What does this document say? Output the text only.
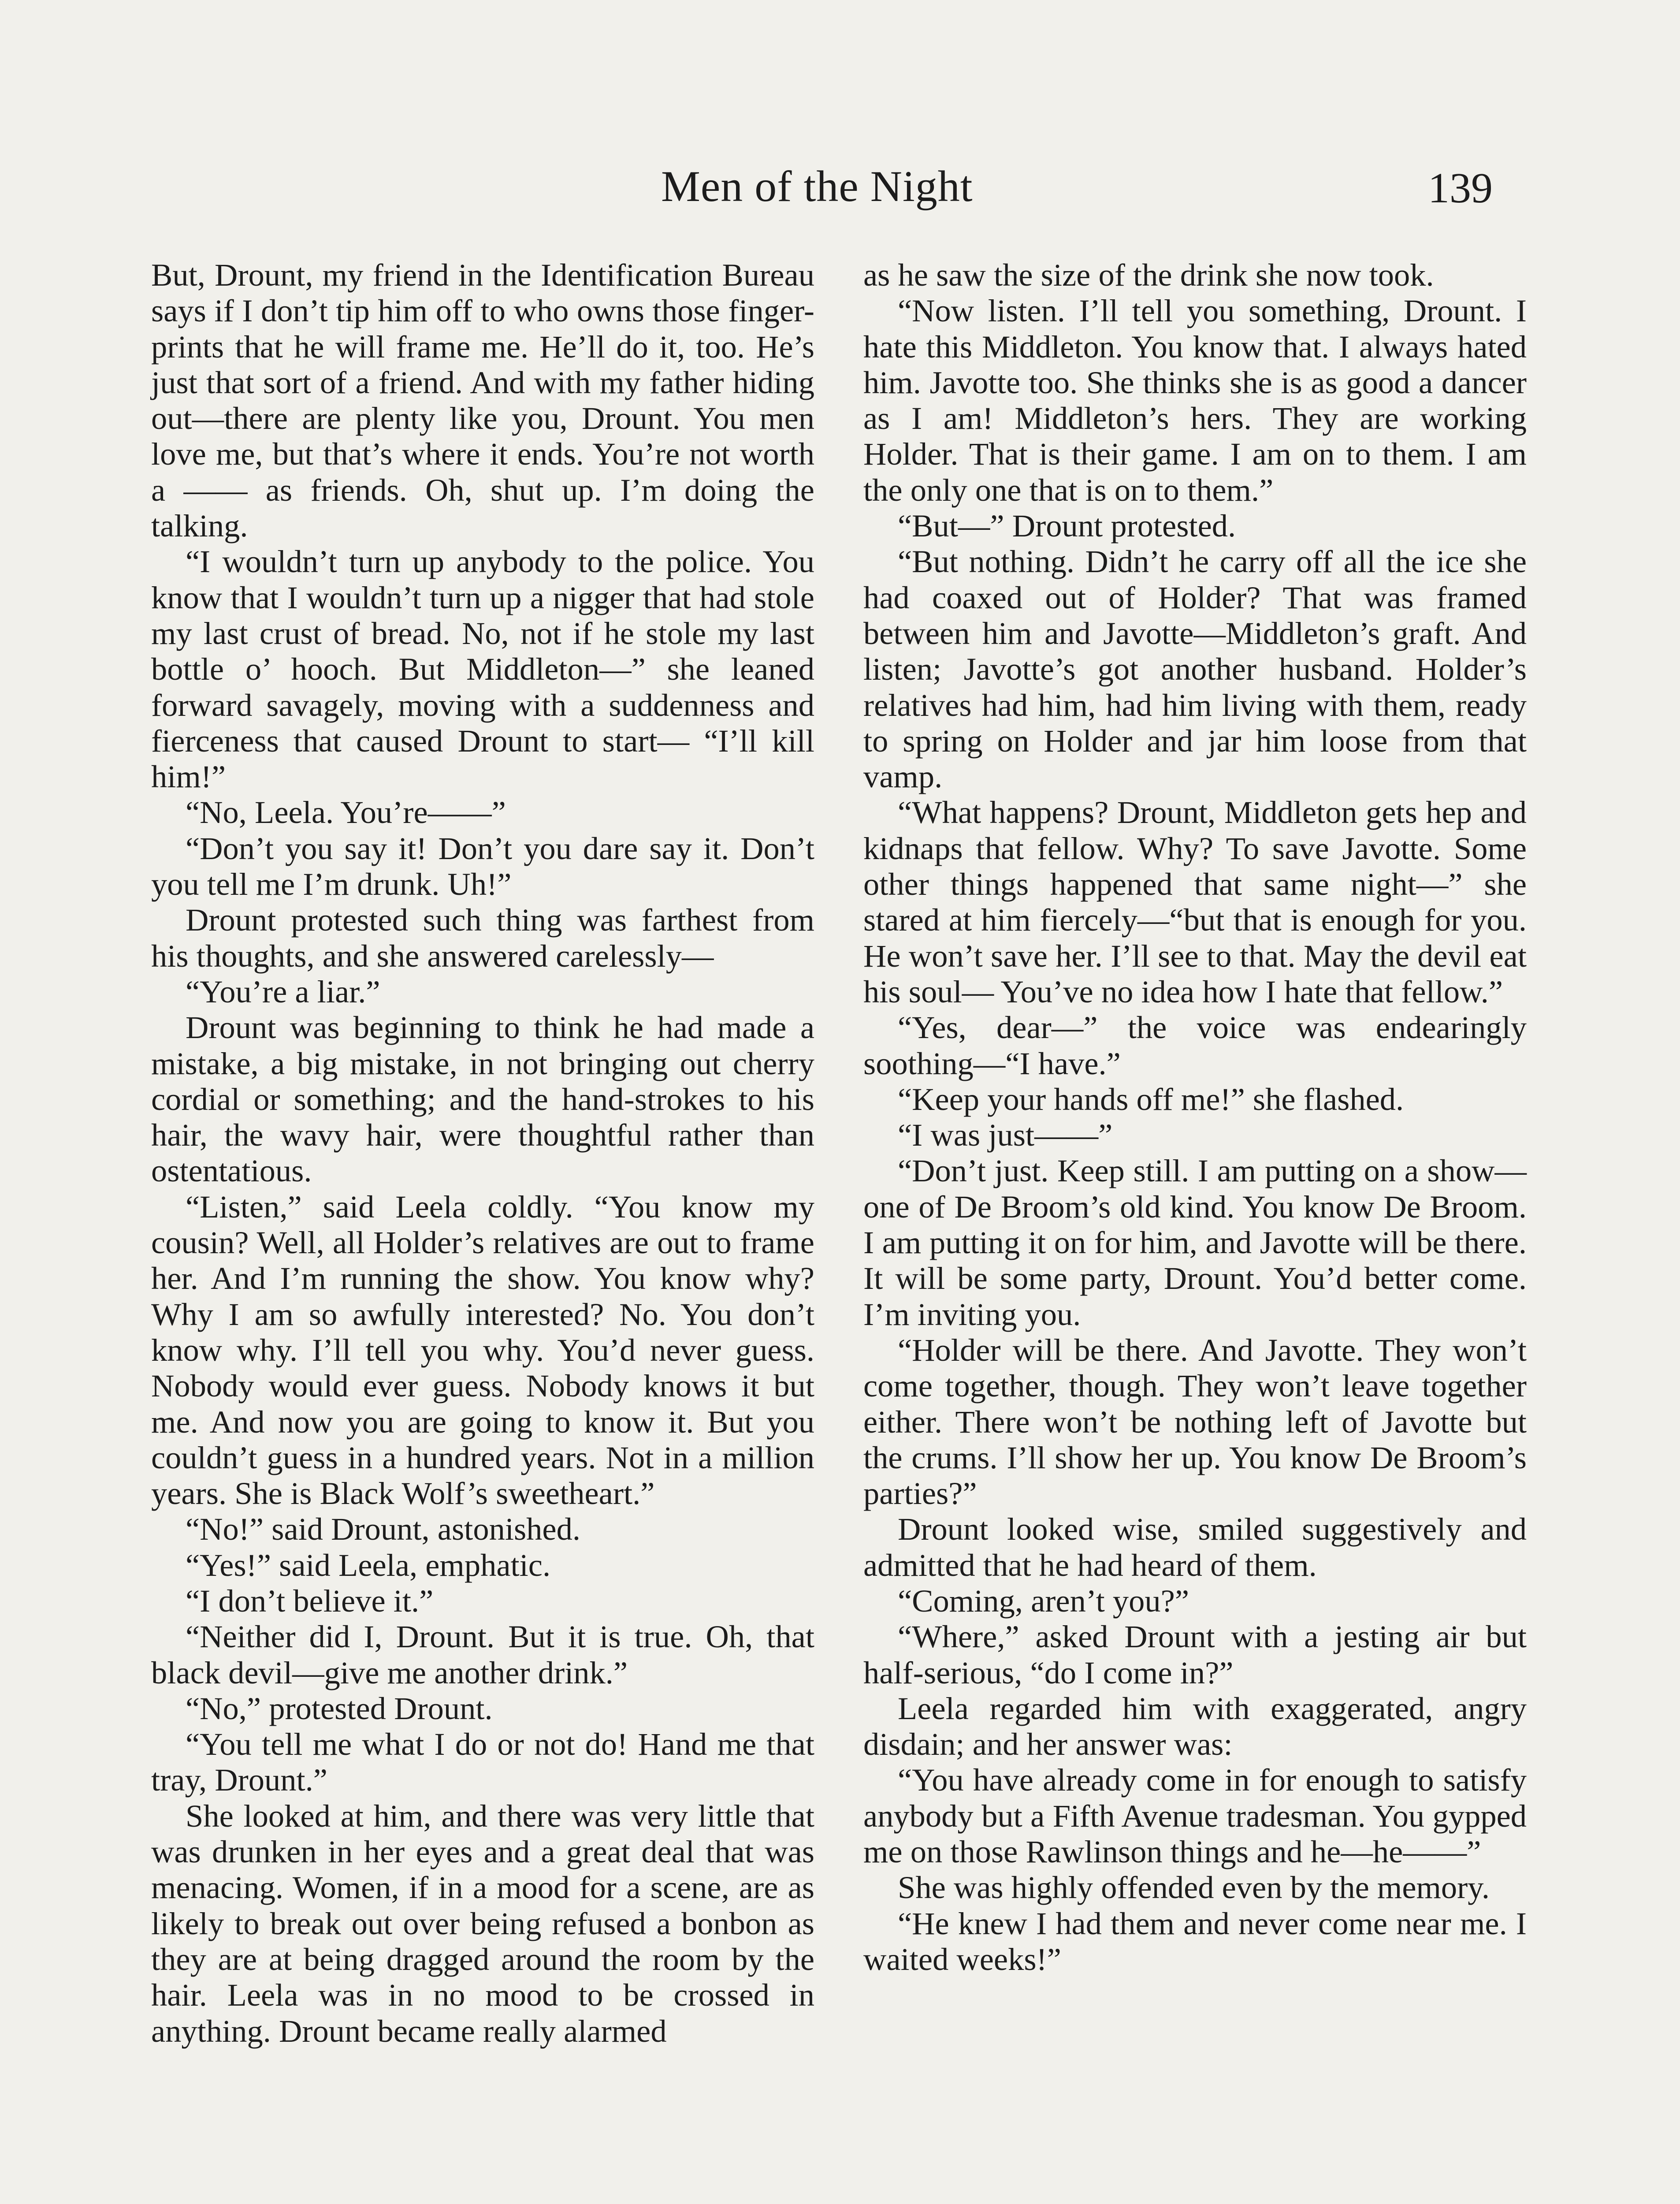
Men of the Night	139

But, Drount, my friend in the Identification Bureau says if I don’t tip him off to who owns those finger-prints that he will frame me. He’ll do it, too. He’s just that sort of a friend. And with my father hiding out—there are plenty like you, Drount. You men love me, but that’s where it ends. You’re not worth a —— as friends. Oh, shut up. I’m doing the talking.

“I wouldn’t turn up anybody to the police. You know that I wouldn’t turn up a nigger that had stole my last crust of bread. No, not if he stole my last bottle o’ hooch. But Middleton—” she leaned forward savagely, moving with a suddenness and fierceness that caused Drount to start— “I’ll kill him!”

“No, Leela. You’re——”

“Don’t you say it! Don’t you dare say it. Don’t you tell me I’m drunk. Uh!”

Drount protested such thing was farthest from his thoughts, and she answered carelessly—

“You’re a liar.”

Drount was beginning to think he had made a mistake, a big mistake, in not bringing out cherry cordial or something; and the hand-strokes to his hair, the wavy hair, were thoughtful rather than ostentatious.

“Listen,” said Leela coldly. “You know my cousin? Well, all Holder’s relatives are out to frame her. And I’m running the show. You know why? Why I am so awfully interested? No. You don’t know why. I’ll tell you why. You’d never guess. Nobody would ever guess. Nobody knows it but me. And now you are going to know it. But you couldn’t guess in a hundred years. Not in a million years. She is Black Wolf’s sweetheart.”

“No!” said Drount, astonished.

“Yes!” said Leela, emphatic.

“I don’t believe it.”

“Neither did I, Drount. But it is true. Oh, that black devil—give me another drink.”

“No,” protested Drount.

“You tell me what I do or not do! Hand me that tray, Drount.”

She looked at him, and there was very little that was drunken in her eyes and a great deal that was menacing. Women, if in a mood for a scene, are as likely to break out over being refused a bonbon as they are at being dragged around the room by the hair. Leela was in no mood to be crossed in anything. Drount became really alarmed

as he saw the size of the drink she now took.

“Now listen. I’ll tell you something, Drount. I hate this Middleton. You know that. I always hated him. Javotte too. She thinks she is as good a dancer as I am! Middleton’s hers. They are working Holder. That is their game. I am on to them. I am the only one that is on to them.”

“But—” Drount protested.

“But nothing. Didn’t he carry off all the ice she had coaxed out of Holder? That was framed between him and Javotte—Middleton’s graft. And listen; Javotte’s got another husband. Holder’s relatives had him, had him living with them, ready to spring on Holder and jar him loose from that vamp.

“What happens? Drount, Middleton gets hep and kidnaps that fellow. Why? To save Javotte. Some other things happened that same night—” she stared at him fiercely—“but that is enough for you. He won’t save her. I’ll see to that. May the devil eat his soul— You’ve no idea how I hate that fellow.”

“Yes, dear—” the voice was endearingly soothing—“I have.”

“Keep your hands off me!” she flashed.

“I was just——”

“Don’t just. Keep still. I am putting on a show—one of De Broom’s old kind. You know De Broom. I am putting it on for him, and Javotte will be there. It will be some party, Drount. You’d better come. I’m inviting you.

“Holder will be there. And Javotte. They won’t come together, though. They won’t leave together either. There won’t be nothing left of Javotte but the crums. I’ll show her up. You know De Broom’s parties?”

Drount looked wise, smiled suggestively and admitted that he had heard of them.

“Coming, aren’t you?”

“Where,” asked Drount with a jesting air but half-serious, “do I come in?”

Leela regarded him with exaggerated, angry disdain; and her answer was:

“You have already come in for enough to satisfy anybody but a Fifth Avenue tradesman. You gypped me on those Rawlinson things and he—he——”

She was highly offended even by the memory.

“He knew I had them and never come near me. I waited weeks!”
